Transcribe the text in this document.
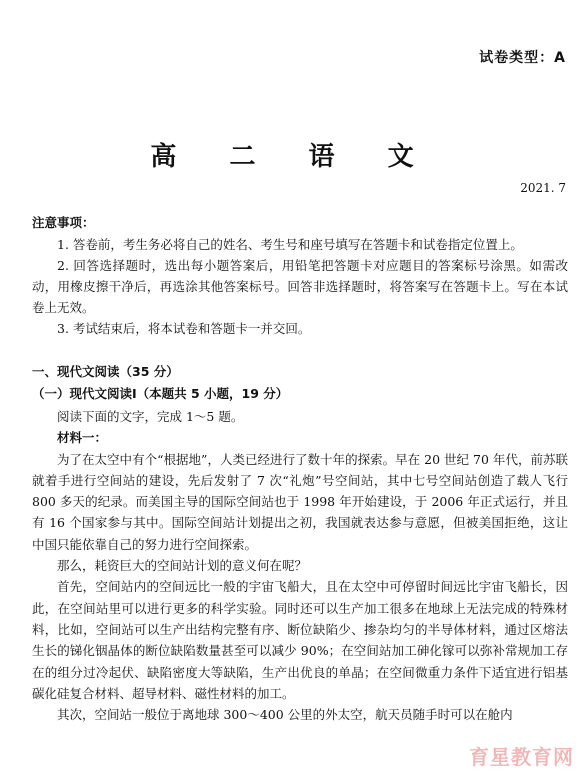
试卷类型：A
高 二 语 文
2021. 7
注意事项：

1. 答卷前，考生务必将自己的姓名、考生号和座号填写在答题卡和试卷指定位置上。

2. 回答选择题时，选出每小题答案后，用铅笔把答题卡对应题目的答案标号涂黑。如需改动，用橡皮擦干净后，再选涂其他答案标号。回答非选择题时，将答案写在答题卡上。写在本试卷上无效。

3. 考试结束后，将本试卷和答题卡一并交回。

一、现代文阅读（35 分）
（一）现代文阅读Ⅰ（本题共 5 小题，19 分）

阅读下面的文字，完成 1～5 题。

材料一：

为了在太空中有个“根据地”，人类已经进行了数十年的探索。早在 20 世纪 70 年代，前苏联就着手进行空间站的建设，先后发射了 7 次“礼炮”号空间站，其中七号空间站创造了载人飞行 800 多天的纪录。而美国主导的国际空间站也于 1998 年开始建设，于 2006 年正式运行，并且有 16 个国家参与其中。国际空间站计划提出之初，我国就表达参与意愿，但被美国拒绝，这让中国只能依靠自己的努力进行空间探索。

那么，耗资巨大的空间站计划的意义何在呢？

首先，空间站内的空间远比一般的宇宙飞船大，且在太空中可停留时间远比宇宙飞船长，因此，在空间站里可以进行更多的科学实验。同时还可以生产加工很多在地球上无法完成的特殊材料，比如，空间站可以生产出结构完整有序、断位缺陷少、掺杂均匀的半导体材料，通过区熔法生长的锑化铟晶体的断位缺陷数量甚至可以减少 90%；在空间站加工砷化镓可以弥补常规加工存在的组分过冷起伏、缺陷密度大等缺陷，生产出优良的单晶；在空间微重力条件下适宜进行铝基碳化硅复合材料、超导材料、磁性材料的加工。

其次，空间站一般位于离地球 300～400 公里的外太空，航天员随手时可以在舱内

育星教育网
